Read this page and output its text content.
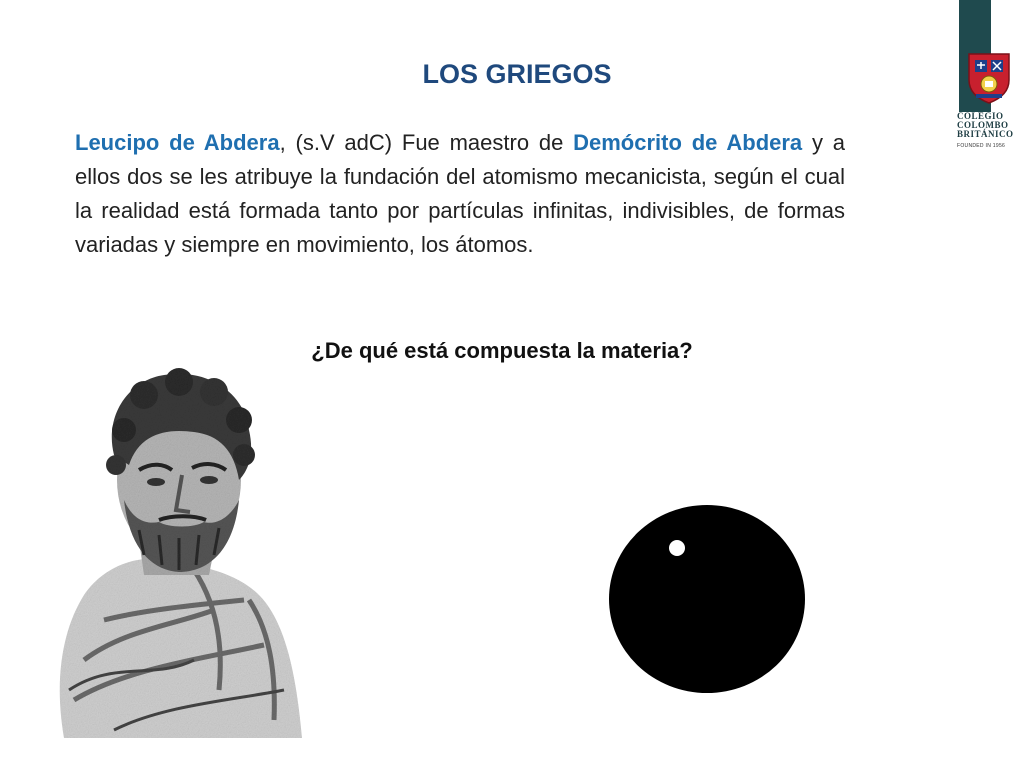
COLEGIO
COLOMBO
BRITÁNICO
FOUNDED IN 1956
LOS GRIEGOS

Leucipo de Abdera, (s.V adC) Fue maestro de Demócrito de Abdera y a ellos dos se les atribuye la fundación del atomismo mecanicista, según el cual la realidad está formada tanto por partículas infinitas, indivisibles, de formas variadas y siempre en movimiento, los átomos.

¿De qué está compuesta la materia?
